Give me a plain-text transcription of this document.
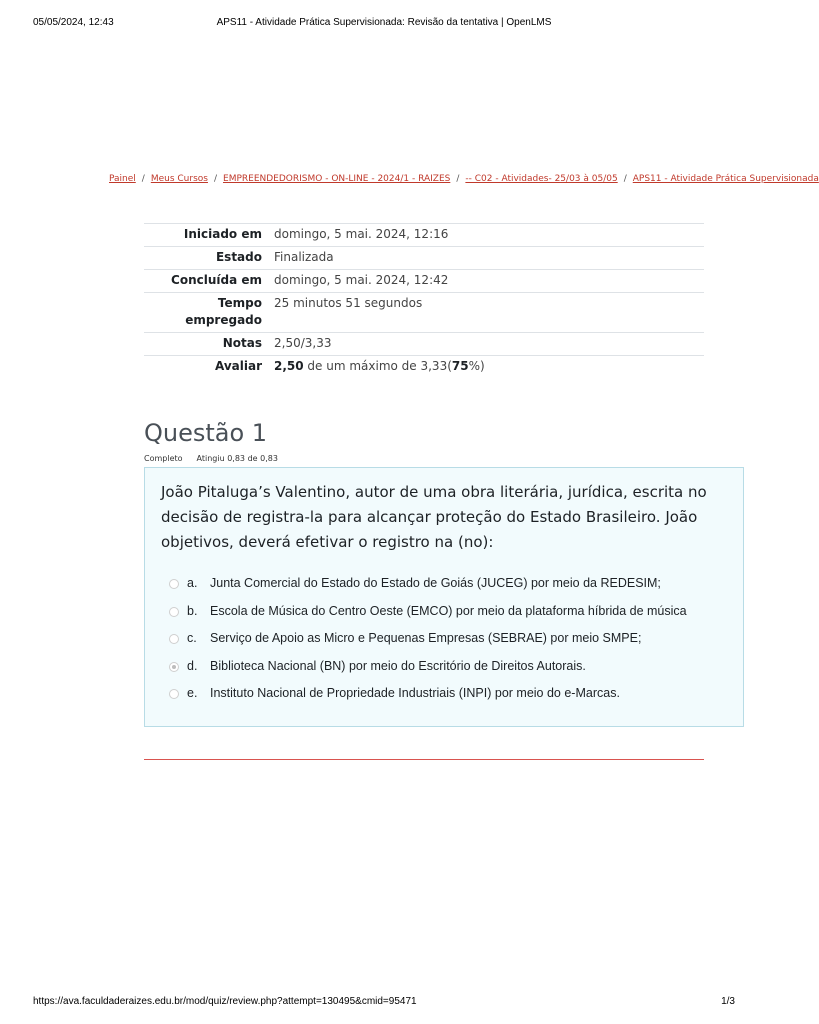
05/05/2024, 12:43	APS11 - Atividade Prática Supervisionada: Revisão da tentativa | OpenLMS
Painel / Meus Cursos / EMPREENDEDORISMO - ON-LINE - 2024/1 - RAIZES / -- C02 - Atividades- 25/03 à 05/05 / APS11 - Atividade Prática Supervisionada
Iniciado em	domingo, 5 mai. 2024, 12:16
Estado	Finalizada
Concluída em	domingo, 5 mai. 2024, 12:42
Tempo empregado	25 minutos 51 segundos
Notas	2,50/3,33
Avaliar	2,50 de um máximo de 3,33(75%)
Questão 1
Completo Atingiu 0,83 de 0,83
João Pitaluga’s Valentino, autor de uma obra literária, jurídica, escrita no
decisão de registra-la para alcançar proteção do Estado Brasileiro. João
objetivos, deverá efetivar o registro na (no):
a. Junta Comercial do Estado do Estado de Goiás (JUCEG) por meio da REDESIM;
b. Escola de Música do Centro Oeste (EMCO) por meio da plataforma híbrida de música
c. Serviço de Apoio as Micro e Pequenas Empresas (SEBRAE) por meio SMPE;
d. Biblioteca Nacional (BN) por meio do Escritório de Direitos Autorais.
e. Instituto Nacional de Propriedade Industriais (INPI) por meio do e-Marcas.
https://ava.faculdaderaizes.edu.br/mod/quiz/review.php?attempt=130495&cmid=95471	1/3
